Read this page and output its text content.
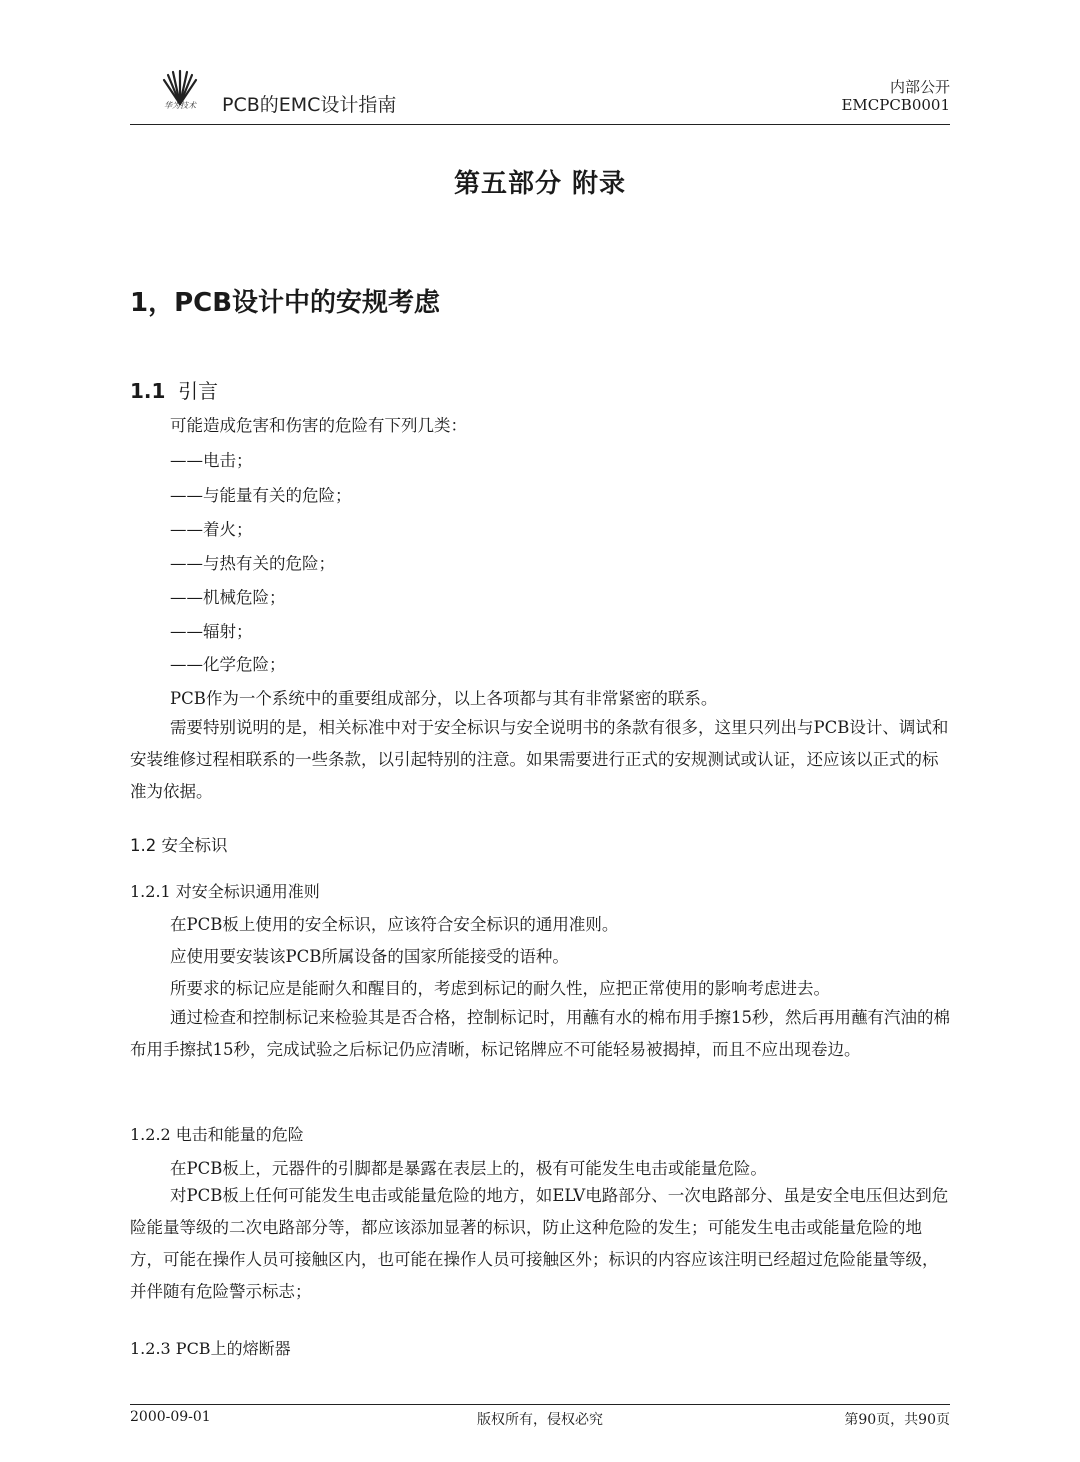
华为技术	PCB的EMC设计指南
内部公开
EMCPCB0001
第五部分 附录
1，PCB设计中的安规考虑
1.1 引言
可能造成危害和伤害的危险有下列几类：
——电击；
——与能量有关的危险；
——着火；
——与热有关的危险；
——机械危险；
——辐射；
——化学危险；
PCB作为一个系统中的重要组成部分，以上各项都与其有非常紧密的联系。
需要特别说明的是，相关标准中对于安全标识与安全说明书的条款有很多，这里只列出与PCB设计、调试和安装维修过程相联系的一些条款，以引起特别的注意。如果需要进行正式的安规测试或认证，还应该以正式的标准为依据。
1.2 安全标识
1.2.1 对安全标识通用准则
在PCB板上使用的安全标识，应该符合安全标识的通用准则。
应使用要安装该PCB所属设备的国家所能接受的语种。
所要求的标记应是能耐久和醒目的，考虑到标记的耐久性，应把正常使用的影响考虑进去。
通过检查和控制标记来检验其是否合格，控制标记时，用蘸有水的棉布用手擦15秒，然后再用蘸有汽油的棉布用手擦拭15秒，完成试验之后标记仍应清晰，标记铭牌应不可能轻易被揭掉，而且不应出现卷边。
1.2.2 电击和能量的危险
在PCB板上，元器件的引脚都是暴露在表层上的，极有可能发生电击或能量危险。
对PCB板上任何可能发生电击或能量危险的地方，如ELV电路部分、一次电路部分、虽是安全电压但达到危险能量等级的二次电路部分等，都应该添加显著的标识，防止这种危险的发生；可能发生电击或能量危险的地方，可能在操作人员可接触区内，也可能在操作人员可接触区外；标识的内容应该注明已经超过危险能量等级，并伴随有危险警示标志；
1.2.3 PCB上的熔断器
2000-09-01	版权所有，侵权必究	第90页，共90页
